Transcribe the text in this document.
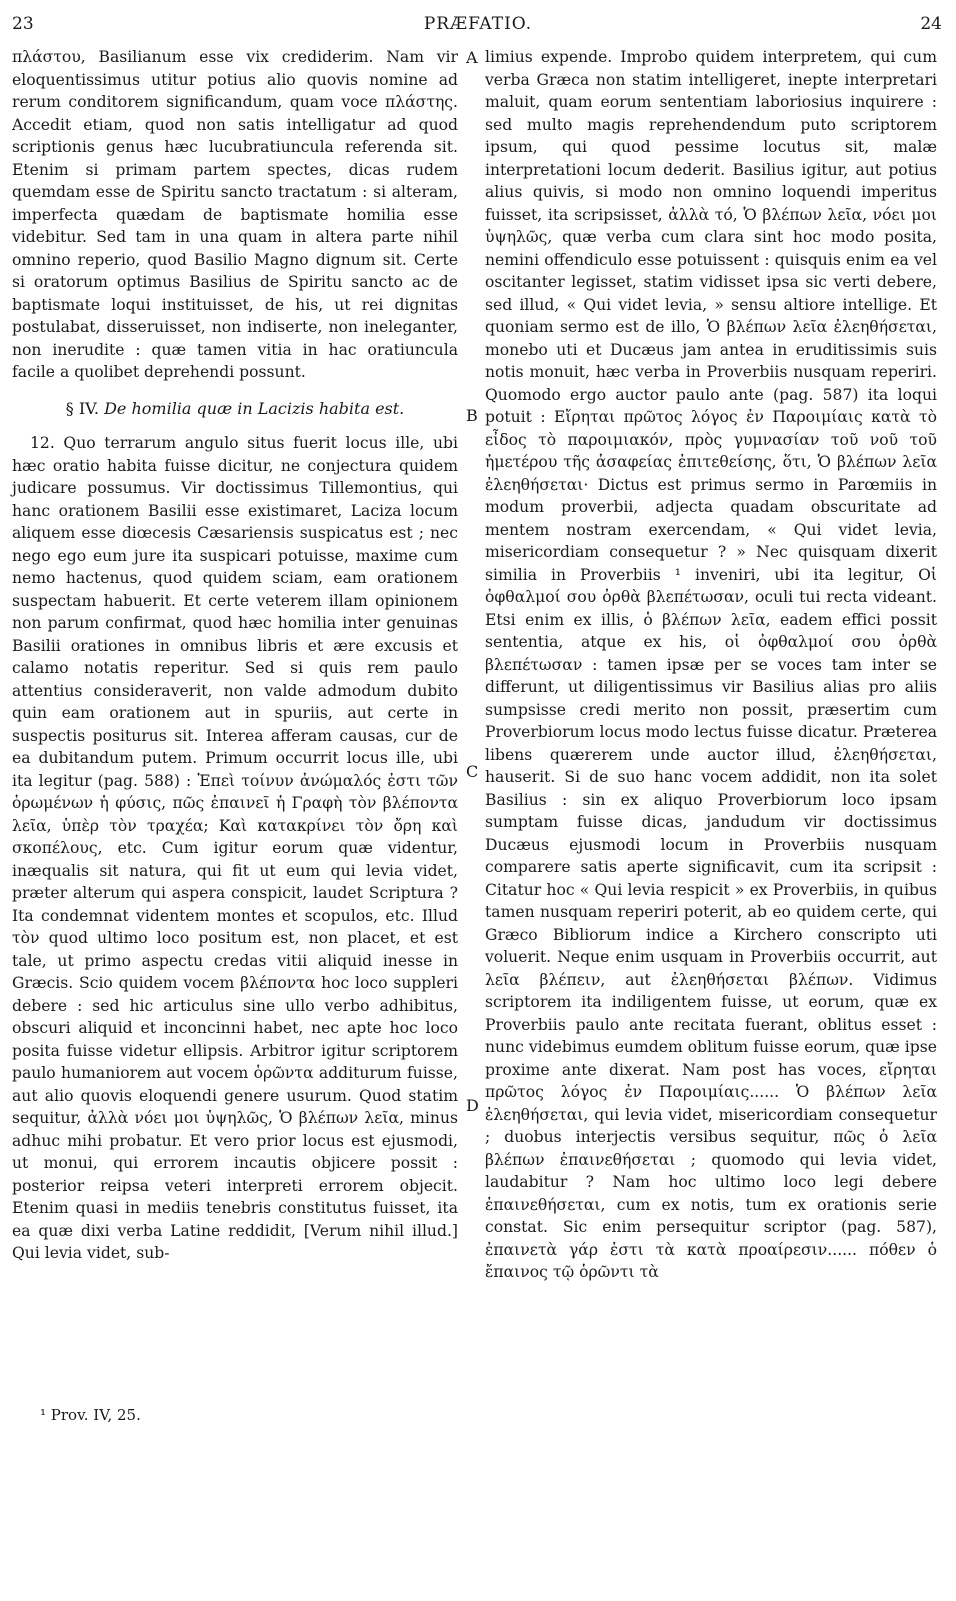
23	PRÆFATIO.	24

πλάστου, Basilianum esse vix crediderim. Nam vir eloquentissimus utitur potius alio quovis nomine ad rerum conditorem significandum, quam voce πλάστης. Accedit etiam, quod non satis intelligatur ad quod scriptionis genus hæc lucubratiuncula referenda sit. Etenim si primam partem spectes, dicas rudem quemdam esse de Spiritu sancto tractatum : si alteram, imperfecta quædam de baptismate homilia esse videbitur. Sed tam in una quam in altera parte nihil omnino reperio, quod Basilio Magno dignum sit. Certe si oratorum optimus Basilius de Spiritu sancto ac de baptismate loqui instituisset, de his, ut rei dignitas postulabat, disseruisset, non indiserte, non ineleganter, non inerudite : quæ tamen vitia in hac oratiuncula facile a quolibet deprehendi possunt.

§ IV. De homilia quæ in Lacizis habita est.

12. Quo terrarum angulo situs fuerit locus ille, ubi hæc oratio habita fuisse dicitur, ne conjectura quidem judicare possumus. Vir doctissimus Tillemontius, qui hanc orationem Basilii esse existimaret, Laciza locum aliquem esse diœcesis Cæsariensis suspicatus est ; nec nego ego eum jure ita suspicari potuisse, maxime cum nemo hactenus, quod quidem sciam, eam orationem suspectam habuerit. Et certe veterem illam opinionem non parum confirmat, quod hæc homilia inter genuinas Basilii orationes in omnibus libris et ære excusis et calamo notatis reperitur. Sed si quis rem paulo attentius consideraverit, non valde admodum dubito quin eam orationem aut in spuriis, aut certe in suspectis positurus sit. Interea afferam causas, cur de ea dubitandum putem. Primum occurrit locus ille, ubi ita legitur (pag. 588) : Ἐπεὶ τοίνυν ἀνώμαλός ἐστι τῶν ὁρωμένων ἡ φύσις, πῶς ἐπαινεῖ ἡ Γραφὴ τὸν βλέποντα λεῖα, ὑπὲρ τὸν τραχέα; Καὶ κατακρίνει τὸν ὄρη καὶ σκοπέλους, etc. Cum igitur eorum quæ videntur, inæqualis sit natura, qui fit ut eum qui levia videt, præter alterum qui aspera conspicit, laudet Scriptura ? Ita condemnat videntem montes et scopulos, etc. Illud τὸν quod ultimo loco positum est, non placet, et est tale, ut primo aspectu credas vitii aliquid inesse in Græcis. Scio quidem vocem βλέποντα hoc loco suppleri debere : sed hic articulus sine ullo verbo adhibitus, obscuri aliquid et inconcinni habet, nec apte hoc loco posita fuisse videtur ellipsis. Arbitror igitur scriptorem paulo humaniorem aut vocem ὁρῶντα additurum fuisse, aut alio quovis eloquendi genere usurum. Quod statim sequitur, ἀλλὰ νόει μοι ὑψηλῶς, Ὁ βλέπων λεῖα, minus adhuc mihi probatur. Et vero prior locus est ejusmodi, ut monui, qui errorem incautis objicere possit : posterior reipsa veteri interpreti errorem objecit. Etenim quasi in mediis tenebris constitutus fuisset, ita ea quæ dixi verba Latine reddidit, [Verum nihil illud.] Qui levia videt, sub-

A
B
C
D

limius expende. Improbo quidem interpretem, qui cum verba Græca non statim intelligeret, inepte interpretari maluit, quam eorum sententiam laboriosius inquirere : sed multo magis reprehendendum puto scriptorem ipsum, qui quod pessime locutus sit, malæ interpretationi locum dederit. Basilius igitur, aut potius alius quivis, si modo non omnino loquendi imperitus fuisset, ita scripsisset, ἀλλὰ τό, Ὁ βλέπων λεῖα, νόει μοι ὑψηλῶς, quæ verba cum clara sint hoc modo posita, nemini offendiculo esse potuissent : quisquis enim ea vel oscitanter legisset, statim vidisset ipsa sic verti debere, sed illud, « Qui videt levia, » sensu altiore intellige. Et quoniam sermo est de illo, Ὁ βλέπων λεῖα ἐλεηθήσεται, monebo uti et Ducæus jam antea in eruditissimis suis notis monuit, hæc verba in Proverbiis nusquam reperiri. Quomodo ergo auctor paulo ante (pag. 587) ita loqui potuit : Εἴρηται πρῶτος λόγος ἐν Παροιμίαις κατὰ τὸ εἶδος τὸ παροιμιακόν, πρὸς γυμνασίαν τοῦ νοῦ τοῦ ἡμετέρου τῆς ἀσαφείας ἐπιτεθείσης, ὅτι, Ὁ βλέπων λεῖα ἐλεηθήσεται· Dictus est primus sermo in Parœmiis in modum proverbii, adjecta quadam obscuritate ad mentem nostram exercendam, « Qui videt levia, misericordiam consequetur ? » Nec quisquam dixerit similia in Proverbiis ¹ inveniri, ubi ita legitur, Οἱ ὀφθαλμοί σου ὀρθὰ βλεπέτωσαν, oculi tui recta videant. Etsi enim ex illis, ὁ βλέπων λεῖα, eadem effici possit sententia, atque ex his, οἱ ὀφθαλμοί σου ὀρθὰ βλεπέτωσαν : tamen ipsæ per se voces tam inter se differunt, ut diligentissimus vir Basilius alias pro aliis sumpsisse credi merito non possit, præsertim cum Proverbiorum locus modo lectus fuisse dicatur. Præterea libens quærerem unde auctor illud, ἐλεηθήσεται, hauserit. Si de suo hanc vocem addidit, non ita solet Basilius : sin ex aliquo Proverbiorum loco ipsam sumptam fuisse dicas, jandudum vir doctissimus Ducæus ejusmodi locum in Proverbiis nusquam comparere satis aperte significavit, cum ita scripsit : Citatur hoc « Qui levia respicit » ex Proverbiis, in quibus tamen nusquam reperiri poterit, ab eo quidem certe, qui Græco Bibliorum indice a Kirchero conscripto uti voluerit. Neque enim usquam in Proverbiis occurrit, aut λεῖα βλέπειν, aut ἐλεηθήσεται βλέπων. Vidimus scriptorem ita indiligentem fuisse, ut eorum, quæ ex Proverbiis paulo ante recitata fuerant, oblitus esset : nunc videbimus eumdem oblitum fuisse eorum, quæ ipse proxime ante dixerat. Nam post has voces, εἴρηται πρῶτος λόγος ἐν Παροιμίαις...... Ὁ βλέπων λεῖα ἐλεηθήσεται, qui levia videt, misericordiam consequetur ; duobus interjectis versibus sequitur, πῶς ὁ λεῖα βλέπων ἐπαινεθήσεται ; quomodo qui levia videt, laudabitur ? Nam hoc ultimo loco legi debere ἐπαινεθήσεται, cum ex notis, tum ex orationis serie constat. Sic enim persequitur scriptor (pag. 587), ἐπαινετὰ γάρ ἐστι τὰ κατὰ προαίρεσιν...... πόθεν ὁ ἔπαινος τῷ ὁρῶντι τὰ

¹ Prov. IV, 25.
